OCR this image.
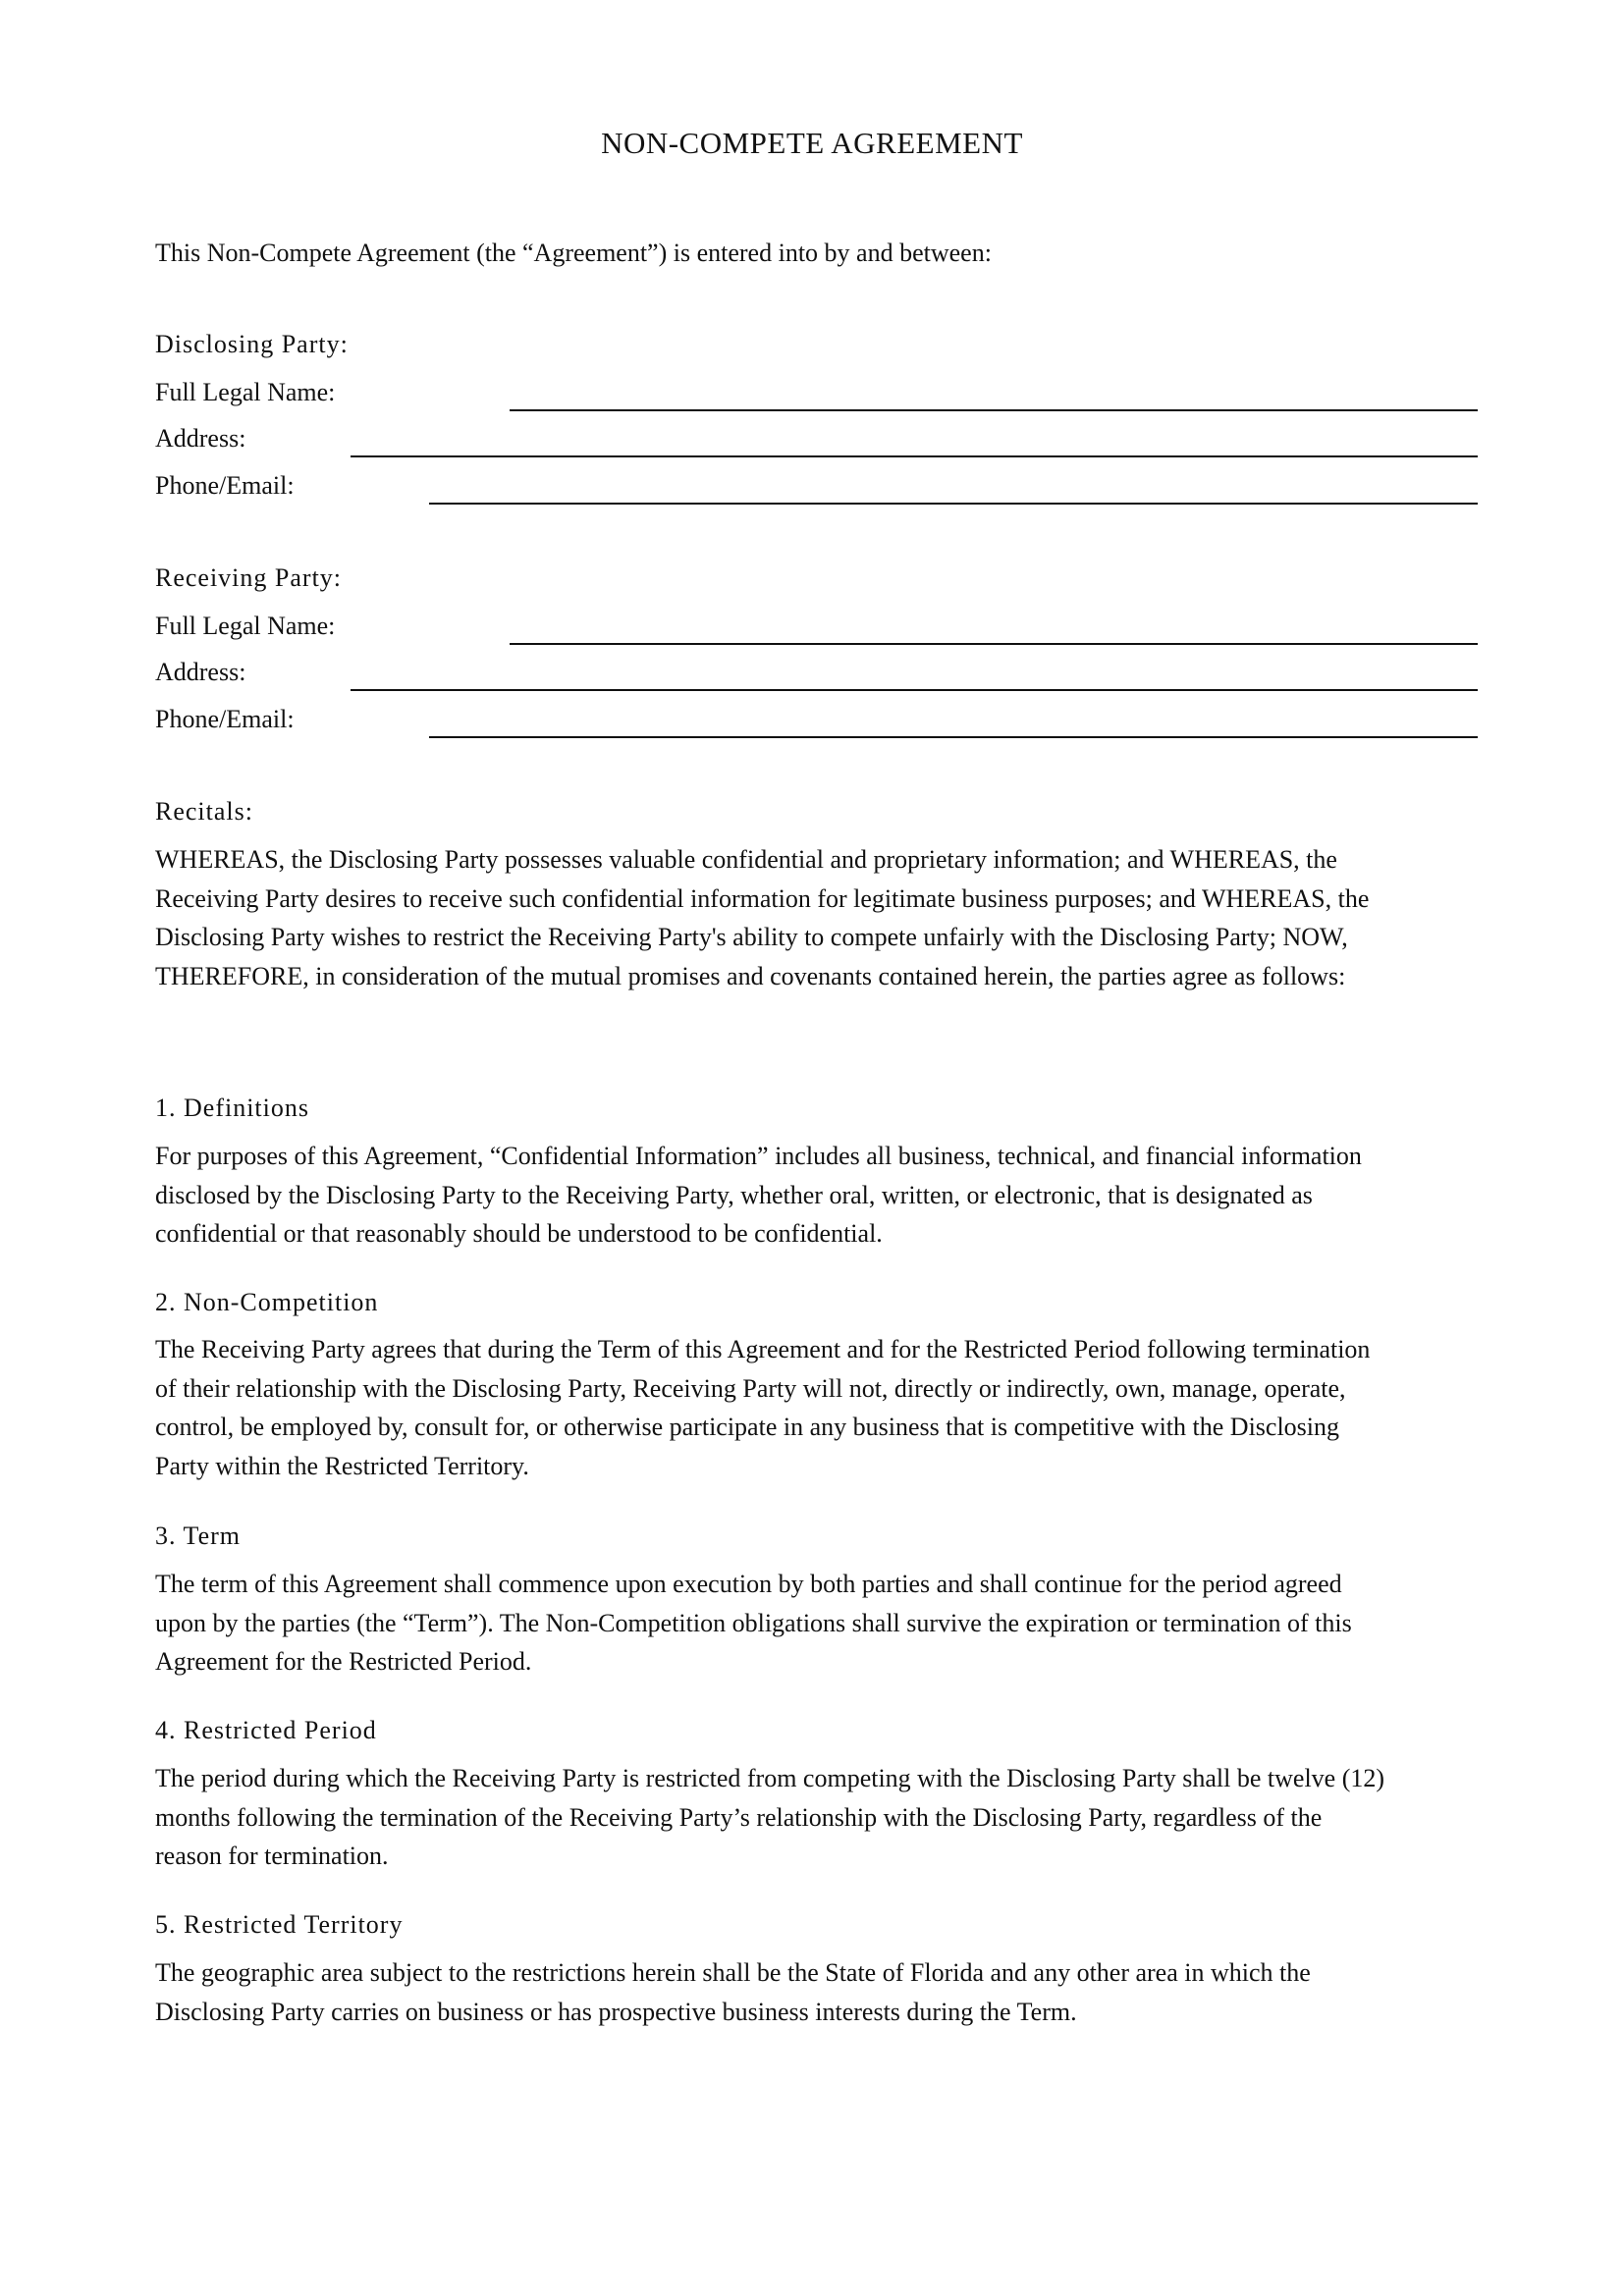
NON-COMPETE AGREEMENT
This Non-Compete Agreement (the “Agreement”) is entered into by and between:
Disclosing Party:
Full Legal Name:
Address:
Phone/Email:
Receiving Party:
Full Legal Name:
Address:
Phone/Email:
Recitals:
WHEREAS, the Disclosing Party possesses valuable confidential and proprietary information; and WHEREAS, the
Receiving Party desires to receive such confidential information for legitimate business purposes; and WHEREAS, the
Disclosing Party wishes to restrict the Receiving Party's ability to compete unfairly with the Disclosing Party; NOW,
THEREFORE, in consideration of the mutual promises and covenants contained herein, the parties agree as follows:
1. Definitions
For purposes of this Agreement, “Confidential Information” includes all business, technical, and financial information
disclosed by the Disclosing Party to the Receiving Party, whether oral, written, or electronic, that is designated as
confidential or that reasonably should be understood to be confidential.
2. Non-Competition
The Receiving Party agrees that during the Term of this Agreement and for the Restricted Period following termination
of their relationship with the Disclosing Party, Receiving Party will not, directly or indirectly, own, manage, operate,
control, be employed by, consult for, or otherwise participate in any business that is competitive with the Disclosing
Party within the Restricted Territory.
3. Term
The term of this Agreement shall commence upon execution by both parties and shall continue for the period agreed
upon by the parties (the “Term”). The Non-Competition obligations shall survive the expiration or termination of this
Agreement for the Restricted Period.
4. Restricted Period
The period during which the Receiving Party is restricted from competing with the Disclosing Party shall be twelve (12)
months following the termination of the Receiving Party’s relationship with the Disclosing Party, regardless of the
reason for termination.
5. Restricted Territory
The geographic area subject to the restrictions herein shall be the State of Florida and any other area in which the
Disclosing Party carries on business or has prospective business interests during the Term.
